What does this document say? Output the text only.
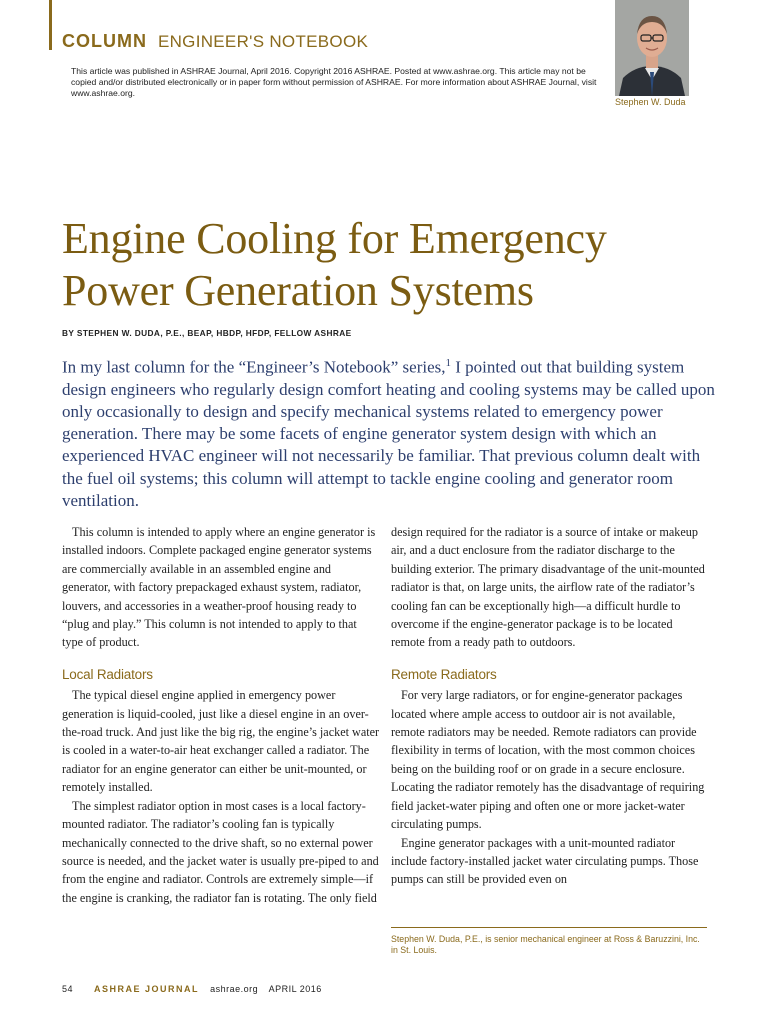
COLUMN ENGINEER'S NOTEBOOK
This article was published in ASHRAE Journal, April 2016. Copyright 2016 ASHRAE. Posted at www.ashrae.org. This article may not be copied and/or distributed electronically or in paper form without permission of ASHRAE. For more information about ASHRAE Journal, visit www.ashrae.org.
Stephen W. Duda
Engine Cooling for Emergency
Power Generation Systems
BY STEPHEN W. DUDA, P.E., BEAP, HBDP, HFDP, FELLOW ASHRAE

In my last column for the “Engineer’s Notebook” series,$^1$ I pointed out that building system design engineers who regularly design comfort heating and cooling systems may be called upon only occasionally to design and specify mechanical systems related to emergency power generation. There may be some facets of engine generator system design with which an experienced HVAC engineer will not necessarily be familiar. That previous column dealt with the fuel oil systems; this column will attempt to tackle engine cooling and generator room ventilation.

This column is intended to apply where an engine generator is installed indoors. Complete packaged engine generator systems are commercially available in an assembled engine and generator, with factory prepackaged exhaust system, radiator, louvers, and accessories in a weather-proof housing ready to “plug and play.” This column is not intended to apply to that type of product.

Local Radiators

The typical diesel engine applied in emergency power generation is liquid-cooled, just like a diesel engine in an over-the-road truck. And just like the big rig, the engine’s jacket water is cooled in a water-to-air heat exchanger called a radiator. The radiator for an engine generator can either be unit-mounted, or remotely installed.

The simplest radiator option in most cases is a local factory-mounted radiator. The radiator’s cooling fan is typically mechanically connected to the drive shaft, so no external power source is needed, and the jacket water is usually pre-piped to and from the engine and radiator. Controls are extremely simple—if the engine is cranking, the radiator fan is rotating. The only field

design required for the radiator is a source of intake or makeup air, and a duct enclosure from the radiator discharge to the building exterior. The primary disadvantage of the unit-mounted radiator is that, on large units, the airflow rate of the radiator’s cooling fan can be exceptionally high—a difficult hurdle to overcome if the engine-generator package is to be located remote from a ready path to outdoors.

Remote Radiators

For very large radiators, or for engine-generator packages located where ample access to outdoor air is not available, remote radiators may be needed. Remote radiators can provide flexibility in terms of location, with the most common choices being on the building roof or on grade in a secure enclosure. Locating the radiator remotely has the disadvantage of requiring field jacket-water piping and often one or more jacket-water circulating pumps.

Engine generator packages with a unit-mounted radiator include factory-installed jacket water circulating pumps. Those pumps can still be provided even on

Stephen W. Duda, P.E., is senior mechanical engineer at Ross & Baruzzini, Inc. in St. Louis.
54 ASHRAE JOURNAL ashrae.org APRIL 2016
